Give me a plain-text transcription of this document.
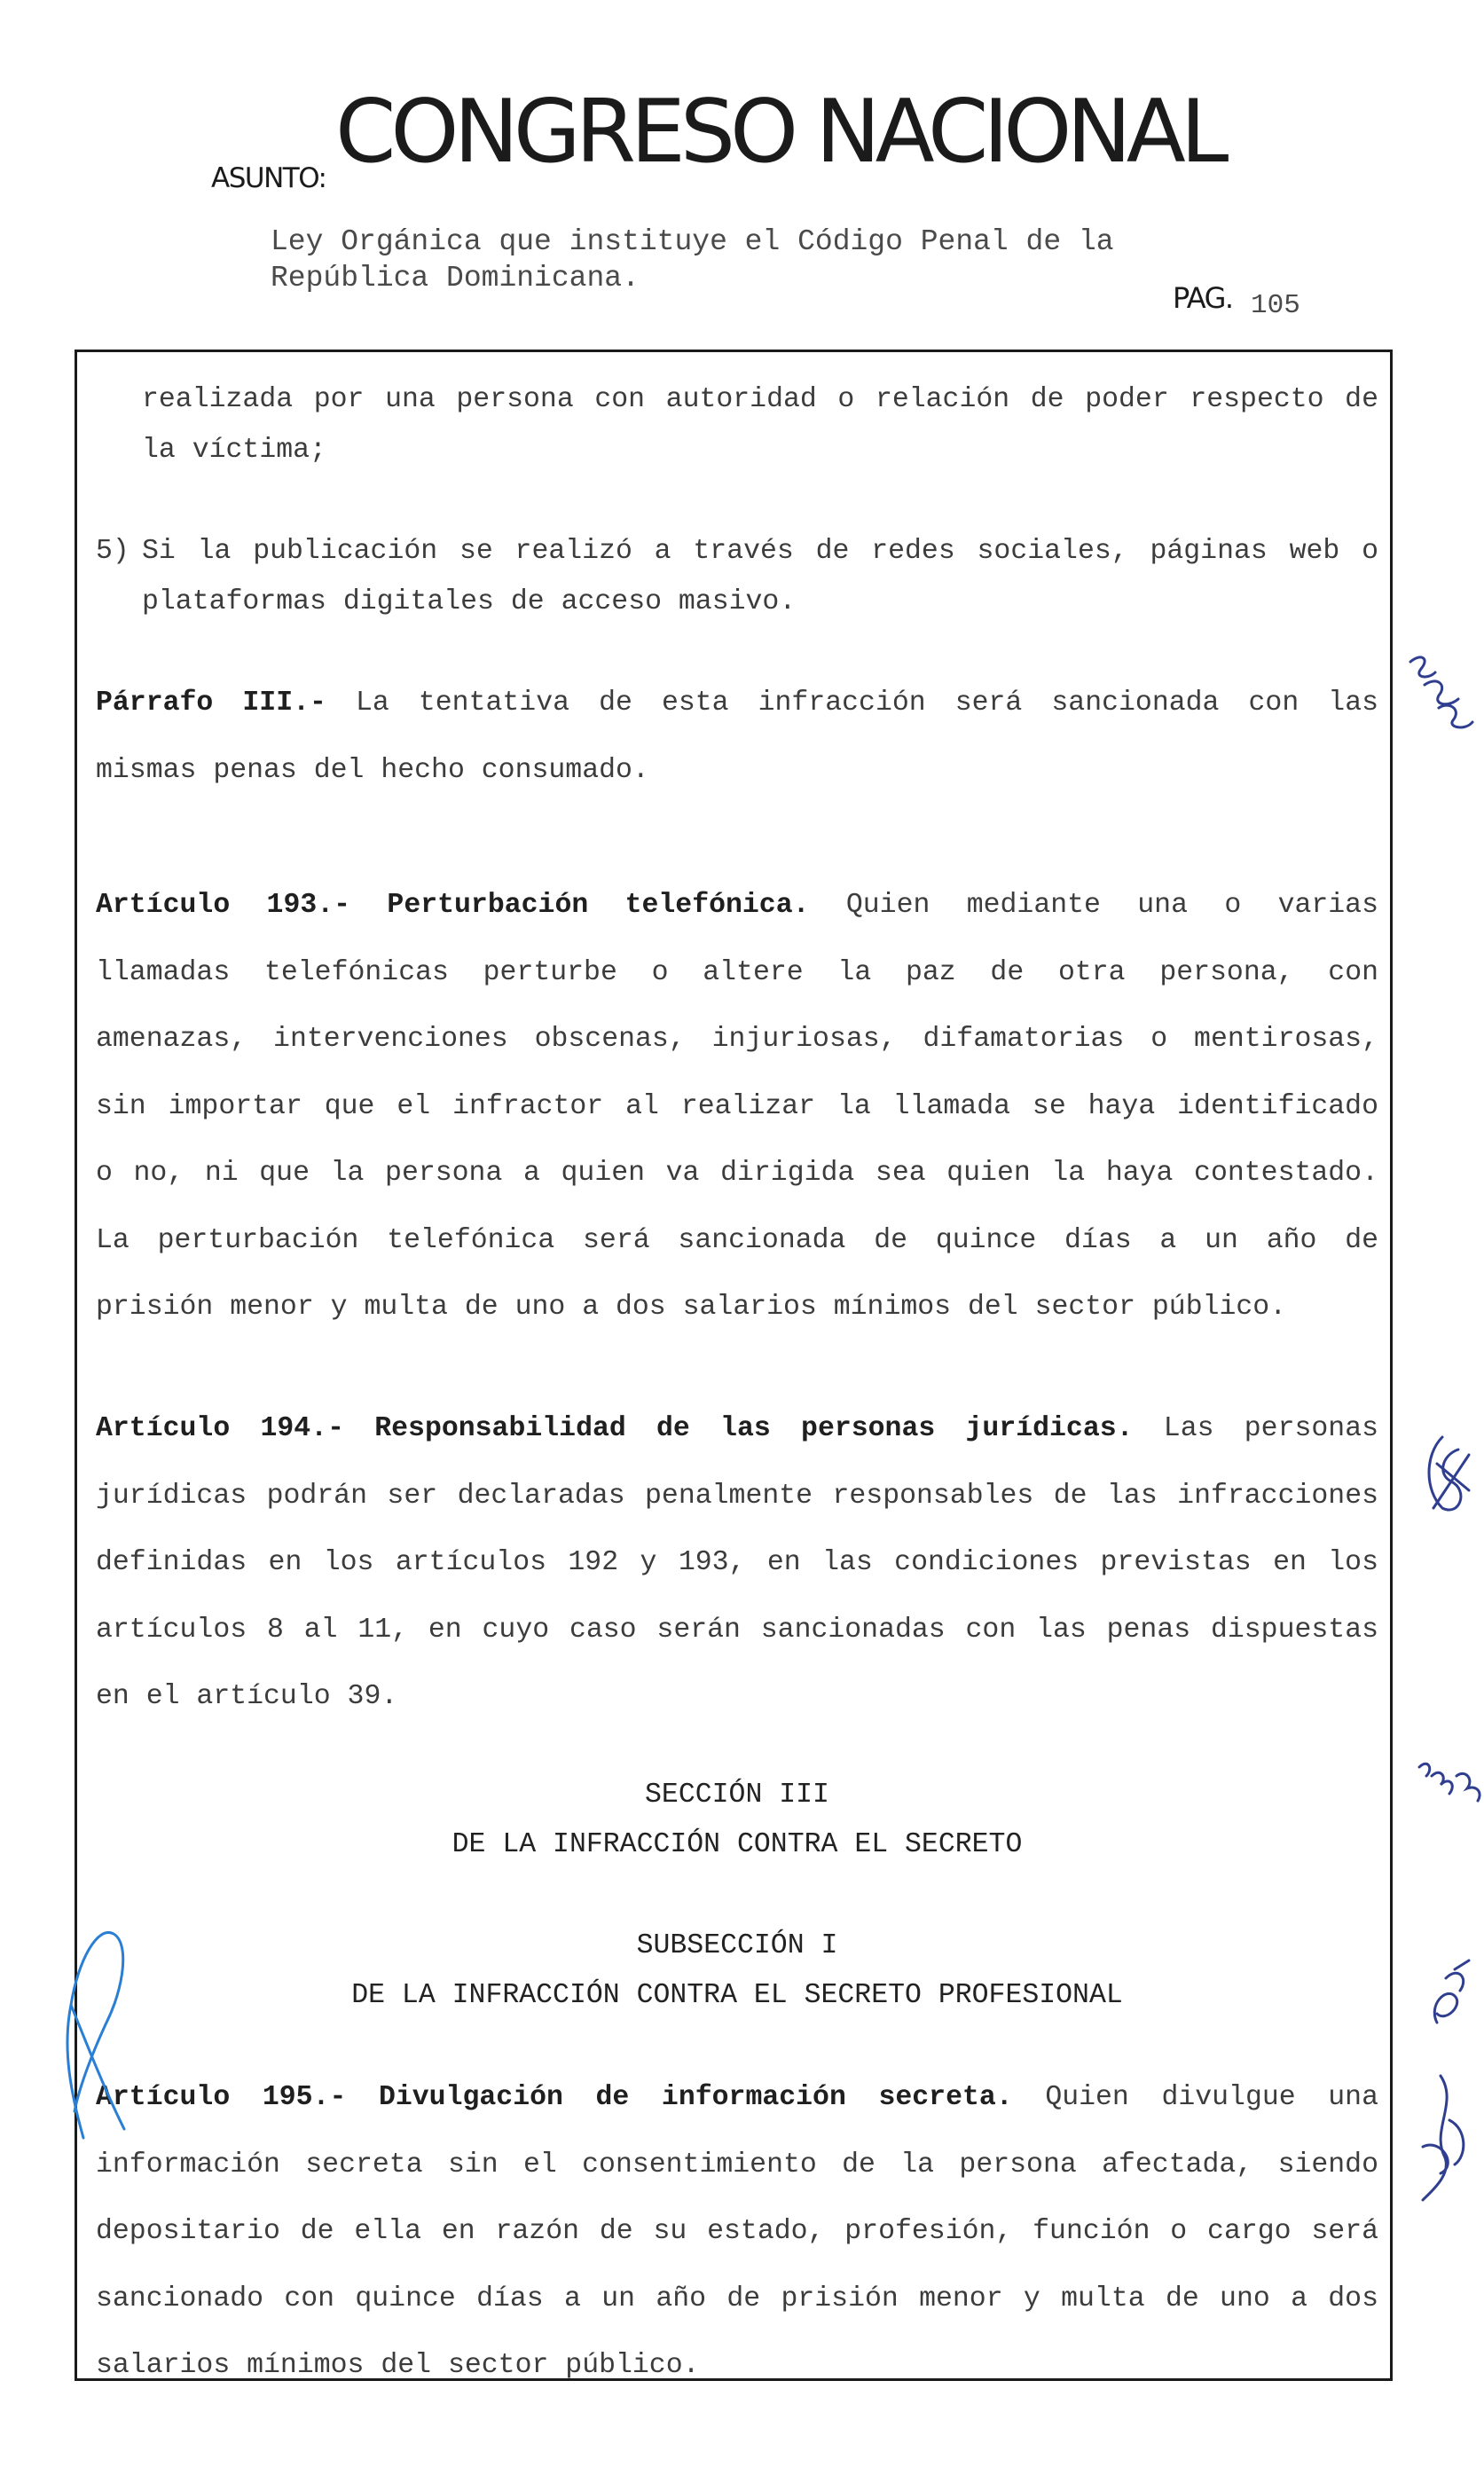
CONGRESO NACIONAL
ASUNTO:
Ley Orgánica que instituye el Código Penal de la
República Dominicana.
PAG. 105
realizada por una persona con autoridad o relación de poder respecto de
la víctima;
5) Si la publicación se realizó a través de redes sociales, páginas web o
plataformas digitales de acceso masivo.
Párrafo III.- La tentativa de esta infracción será sancionada con las
mismas penas del hecho consumado.
Artículo 193.- Perturbación telefónica. Quien mediante una o varias
llamadas telefónicas perturbe o altere la paz de otra persona, con
amenazas, intervenciones obscenas, injuriosas, difamatorias o mentirosas,
sin importar que el infractor al realizar la llamada se haya identificado
o no, ni que la persona a quien va dirigida sea quien la haya contestado.
La perturbación telefónica será sancionada de quince días a un año de
prisión menor y multa de uno a dos salarios mínimos del sector público.
Artículo 194.- Responsabilidad de las personas jurídicas. Las personas
jurídicas podrán ser declaradas penalmente responsables de las infracciones
definidas en los artículos 192 y 193, en las condiciones previstas en los
artículos 8 al 11, en cuyo caso serán sancionadas con las penas dispuestas
en el artículo 39.
SECCIÓN III
DE LA INFRACCIÓN CONTRA EL SECRETO
SUBSECCIÓN I
DE LA INFRACCIÓN CONTRA EL SECRETO PROFESIONAL
Artículo 195.- Divulgación de información secreta. Quien divulgue una
información secreta sin el consentimiento de la persona afectada, siendo
depositario de ella en razón de su estado, profesión, función o cargo será
sancionado con quince días a un año de prisión menor y multa de uno a dos
salarios mínimos del sector público.
